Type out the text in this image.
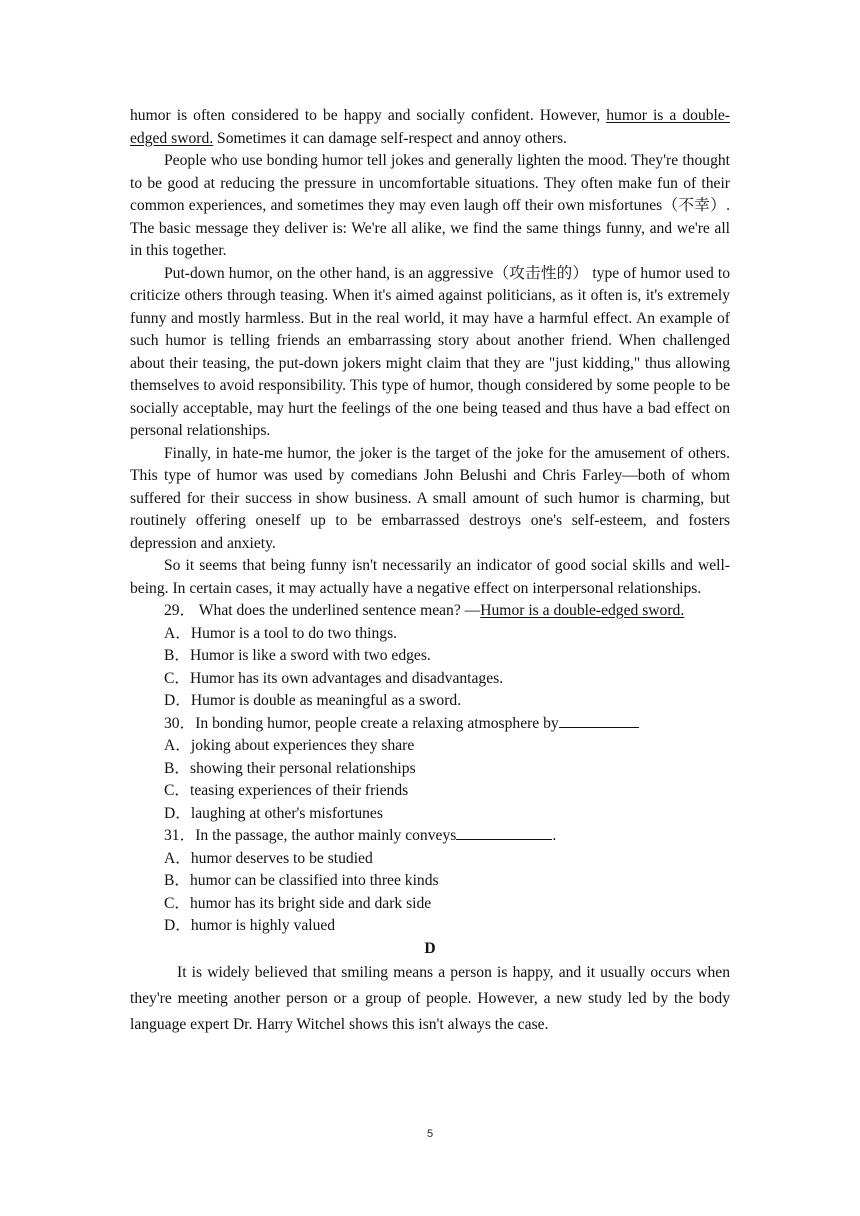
humor is often considered to be happy and socially confident. However, humor is a double-edged sword. Sometimes it can damage self-respect and annoy others.

People who use bonding humor tell jokes and generally lighten the mood. They're thought to be good at reducing the pressure in uncomfortable situations. They often make fun of their common experiences, and sometimes they may even laugh off their own misfortunes（不幸）. The basic message they deliver is: We're all alike, we find the same things funny, and we're all in this together.

Put-down humor, on the other hand, is an aggressive（攻击性的） type of humor used to criticize others through teasing. When it's aimed against politicians, as it often is, it's extremely funny and mostly harmless. But in the real world, it may have a harmful effect. An example of such humor is telling friends an embarrassing story about another friend. When challenged about their teasing, the put-down jokers might claim that they are "just kidding," thus allowing themselves to avoid responsibility. This type of humor, though considered by some people to be socially acceptable, may hurt the feelings of the one being teased and thus have a bad effect on personal relationships.

Finally, in hate-me humor, the joker is the target of the joke for the amusement of others. This type of humor was used by comedians John Belushi and Chris Farley—both of whom suffered for their success in show business. A small amount of such humor is charming, but routinely offering oneself up to be embarrassed destroys one's self-esteem, and fosters depression and anxiety.

So it seems that being funny isn't necessarily an indicator of good social skills and well-being. In certain cases, it may actually have a negative effect on interpersonal relationships.

29． What does the underlined sentence mean? —Humor is a double-edged sword.

A．Humor is a tool to do two things.

B．Humor is like a sword with two edges.

C．Humor has its own advantages and disadvantages.

D．Humor is double as meaningful as a sword.

30．In bonding humor, people create a relaxing atmosphere by

A．joking about experiences they share

B．showing their personal relationships

C．teasing experiences of their friends

D．laughing at other's misfortunes

31．In the passage, the author mainly conveys	.

A．humor deserves to be studied

B．humor can be classified into three kinds

C．humor has its bright side and dark side

D．humor is highly valued

D

It is widely believed that smiling means a person is happy, and it usually occurs when they're meeting another person or a group of people. However, a new study led by the body language expert Dr. Harry Witchel shows this isn't always the case.

5
